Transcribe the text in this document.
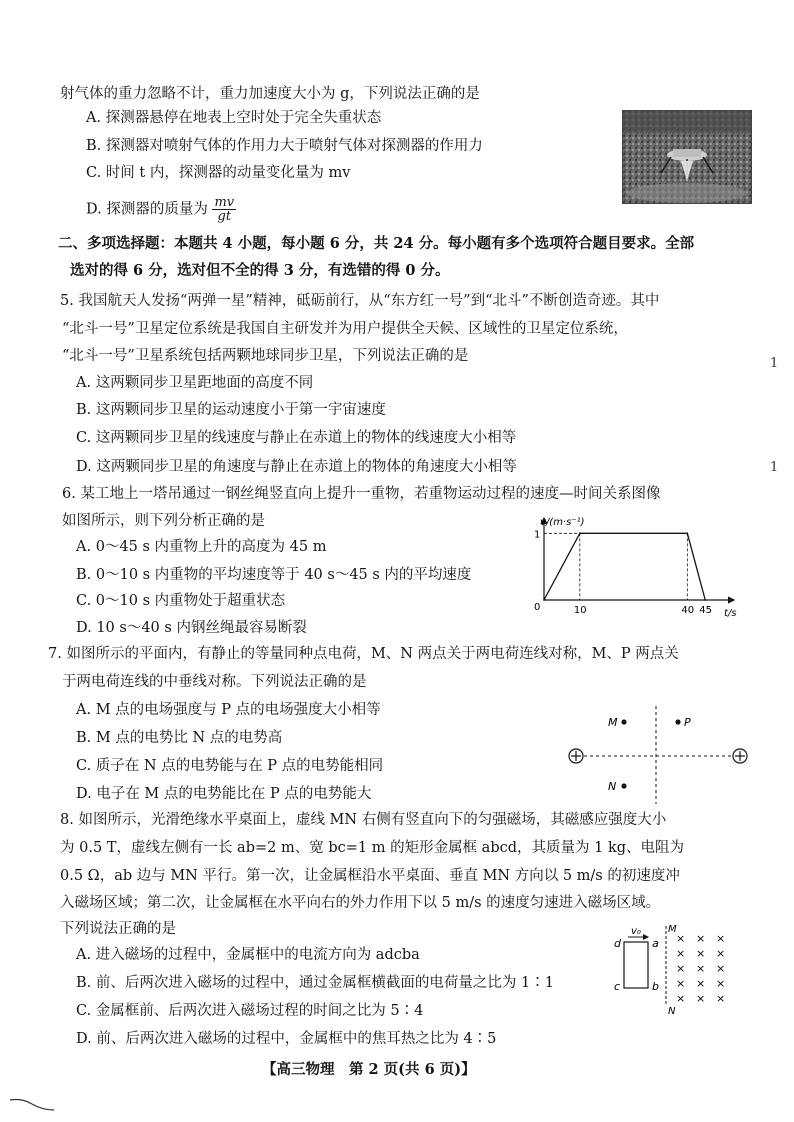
射气体的重力忽略不计，重力加速度大小为 g，下列说法正确的是
A. 探测器悬停在地表上空时处于完全失重状态
B. 探测器对喷射气体的作用力大于喷射气体对探测器的作用力
C. 时间 t 内，探测器的动量变化量为 mv
D. 探测器的质量为 $\frac{mv}{gt}$
二、多项选择题：本题共 4 小题，每小题 6 分，共 24 分。每小题有多个选项符合题目要求。全部
选对的得 6 分，选对但不全的得 3 分，有选错的得 0 分。
5. 我国航天人发扬“两弹一星”精神，砥砺前行，从“东方红一号”到“北斗”不断创造奇迹。其中
“北斗一号”卫星定位系统是我国自主研发并为用户提供全天候、区域性的卫星定位系统，
“北斗一号”卫星系统包括两颗地球同步卫星，下列说法正确的是
A. 这两颗同步卫星距地面的高度不同
B. 这两颗同步卫星的运动速度小于第一宇宙速度
C. 这两颗同步卫星的线速度与静止在赤道上的物体的线速度大小相等
D. 这两颗同步卫星的角速度与静止在赤道上的物体的角速度大小相等
6. 某工地上一塔吊通过一钢丝绳竖直向上提升一重物，若重物运动过程的速度—时间关系图像
如图所示，则下列分析正确的是
A. 0～45 s 内重物上升的高度为 45 m
B. 0～10 s 内重物的平均速度等于 40 s～45 s 内的平均速度
C. 0～10 s 内重物处于超重状态
D. 10 s～40 s 内钢丝绳最容易断裂
v/(m·s⁻¹)
t/s
0	10	40 45
1
7. 如图所示的平面内，有静止的等量同种点电荷，M、N 两点关于两电荷连线对称，M、P 两点关
于两电荷连线的中垂线对称。下列说法正确的是
A. M 点的电场强度与 P 点的电场强度大小相等
B. M 点的电势比 N 点的电势高
C. 质子在 N 点的电势能与在 P 点的电势能相同
D. 电子在 M 点的电势能比在 P 点的电势能大
M	P
N
8. 如图所示，光滑绝缘水平桌面上，虚线 MN 右侧有竖直向下的匀强磁场，其磁感应强度大小
为 0.5 T，虚线左侧有一长 ab=2 m、宽 bc=1 m 的矩形金属框 abcd，其质量为 1 kg、电阻为
0.5 Ω，ab 边与 MN 平行。第一次，让金属框沿水平桌面、垂直 MN 方向以 5 m/s 的初速度冲
入磁场区域；第二次，让金属框在水平向右的外力作用下以 5 m/s 的速度匀速进入磁场区域。
下列说法正确的是
A. 进入磁场的过程中，金属框中的电流方向为 adcba
B. 前、后两次进入磁场的过程中，通过金属框横截面的电荷量之比为 1∶1
C. 金属框前、后两次进入磁场过程的时间之比为 5∶4
D. 前、后两次进入磁场的过程中，金属框中的焦耳热之比为 4∶5
d	a
c	b
v₀	M
N
× × ×
× × ×
× × ×
× × ×
× × ×
1
1
【高三物理　第 2 页(共 6 页)】
